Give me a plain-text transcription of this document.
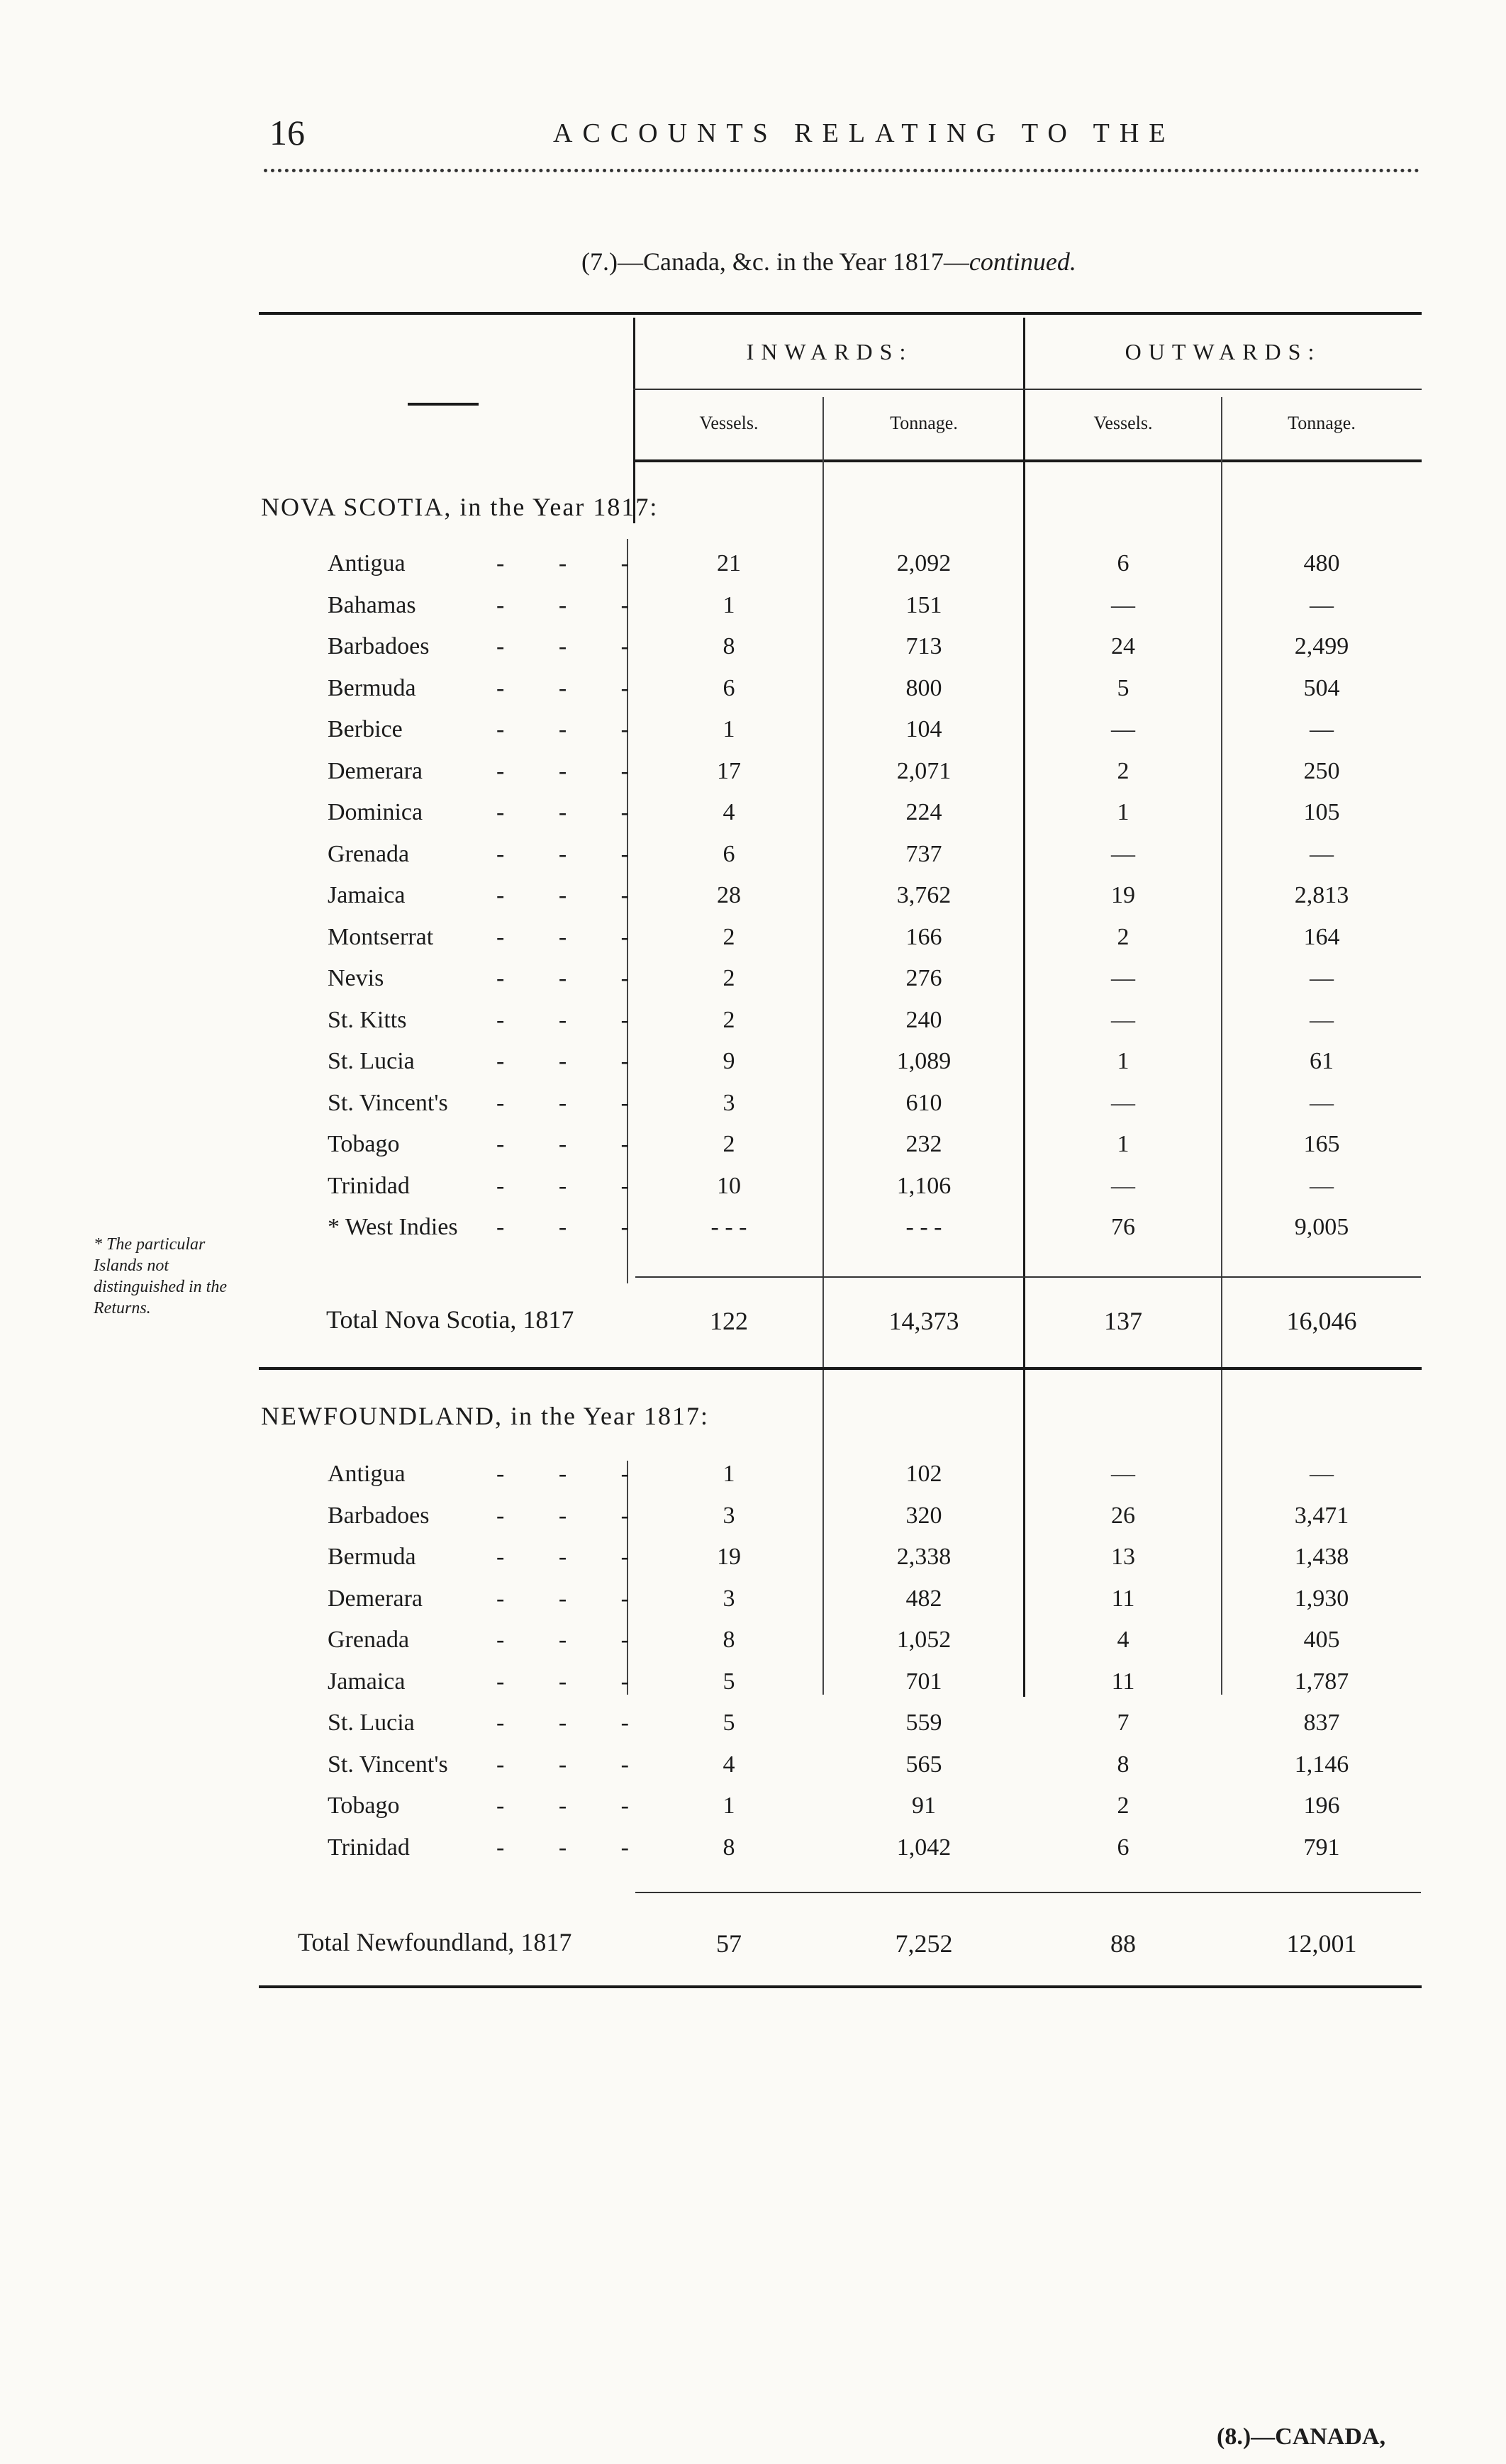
16	ACCOUNTS RELATING TO THE
(7.)—Canada, &c. in the Year 1817—continued.
INWARDS:	OUTWARDS:
Vessels.	Tonnage.	Vessels.	Tonnage.
NOVA SCOTIA, in the Year 1817:
Antigua	21	2,092	6	480
- - -
Bahamas	1	151	—	—
- - -
Barbadoes	8	713	24	2,499
- - -
Bermuda	6	800	5	504
- - -
Berbice	1	104	—	—
- - -
Demerara	17	2,071	2	250
- - -
Dominica	4	224	1	105
- - -
Grenada	6	737	—	—
- - -
Jamaica	28	3,762	19	2,813
- - -
Montserrat	2	166	2	164
- - -
Nevis	2	276	—	—
- - -
St. Kitts	2	240	—	—
- - -
St. Lucia	9	1,089	1	61
- - -
St. Vincent's	3	610	—	—
- - -
Tobago	2	232	1	165
- - -
Trinidad	10	1,106	—	—
- - -
* West Indies	- - -	- - -	76	9,005
- - -
Total Nova Scotia, 1817	122	14,373	137	16,046
NEWFOUNDLAND, in the Year 1817:
Antigua	1	102	—	—
- - -
Barbadoes	3	320	26	3,471
- - -
Bermuda	19	2,338	13	1,438
- - -
Demerara	3	482	11	1,930
- - -
Grenada	8	1,052	4	405
- - -
Jamaica	5	701	11	1,787
- - -
St. Lucia	5	559	7	837
- - -
St. Vincent's	4	565	8	1,146
- - -
Tobago	1	91	2	196
- - -
Trinidad	8	1,042	6	791
- - -
Total Newfoundland, 1817	57	7,252	88	12,001
* The particular Islands not distinguished in the Returns.
(8.)—CANADA,
